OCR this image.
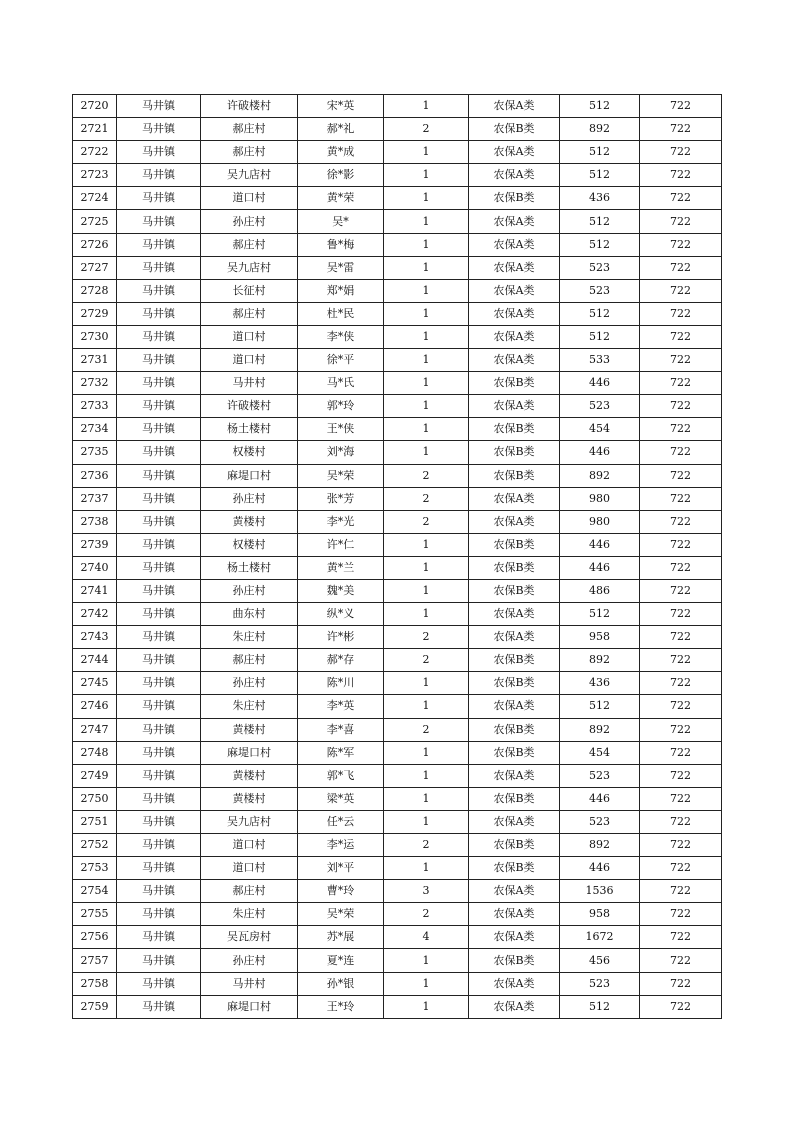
2720	马井镇	许破楼村	宋*英	1	农保A类	512	722
2721	马井镇	郝庄村	郝*礼	2	农保B类	892	722
2722	马井镇	郝庄村	黄*成	1	农保A类	512	722
2723	马井镇	吴九店村	徐*影	1	农保A类	512	722
2724	马井镇	道口村	黄*荣	1	农保B类	436	722
2725	马井镇	孙庄村	吴*	1	农保A类	512	722
2726	马井镇	郝庄村	鲁*梅	1	农保A类	512	722
2727	马井镇	吴九店村	吴*雷	1	农保A类	523	722
2728	马井镇	长征村	郑*娟	1	农保A类	523	722
2729	马井镇	郝庄村	杜*民	1	农保A类	512	722
2730	马井镇	道口村	李*侠	1	农保A类	512	722
2731	马井镇	道口村	徐*平	1	农保A类	533	722
2732	马井镇	马井村	马*氏	1	农保B类	446	722
2733	马井镇	许破楼村	郭*玲	1	农保A类	523	722
2734	马井镇	杨土楼村	王*侠	1	农保B类	454	722
2735	马井镇	权楼村	刘*海	1	农保B类	446	722
2736	马井镇	麻堤口村	吴*荣	2	农保B类	892	722
2737	马井镇	孙庄村	张*芳	2	农保A类	980	722
2738	马井镇	黄楼村	李*光	2	农保A类	980	722
2739	马井镇	权楼村	许*仁	1	农保B类	446	722
2740	马井镇	杨土楼村	黄*兰	1	农保B类	446	722
2741	马井镇	孙庄村	魏*美	1	农保B类	486	722
2742	马井镇	曲东村	纵*义	1	农保A类	512	722
2743	马井镇	朱庄村	许*彬	2	农保A类	958	722
2744	马井镇	郝庄村	郝*存	2	农保B类	892	722
2745	马井镇	孙庄村	陈*川	1	农保B类	436	722
2746	马井镇	朱庄村	李*英	1	农保A类	512	722
2747	马井镇	黄楼村	李*喜	2	农保B类	892	722
2748	马井镇	麻堤口村	陈*军	1	农保B类	454	722
2749	马井镇	黄楼村	郭*飞	1	农保A类	523	722
2750	马井镇	黄楼村	梁*英	1	农保B类	446	722
2751	马井镇	吴九店村	任*云	1	农保A类	523	722
2752	马井镇	道口村	李*运	2	农保B类	892	722
2753	马井镇	道口村	刘*平	1	农保B类	446	722
2754	马井镇	郝庄村	曹*玲	3	农保A类	1536	722
2755	马井镇	朱庄村	吴*荣	2	农保A类	958	722
2756	马井镇	吴瓦房村	苏*展	4	农保A类	1672	722
2757	马井镇	孙庄村	夏*连	1	农保B类	456	722
2758	马井镇	马井村	孙*银	1	农保A类	523	722
2759	马井镇	麻堤口村	王*玲	1	农保A类	512	722
